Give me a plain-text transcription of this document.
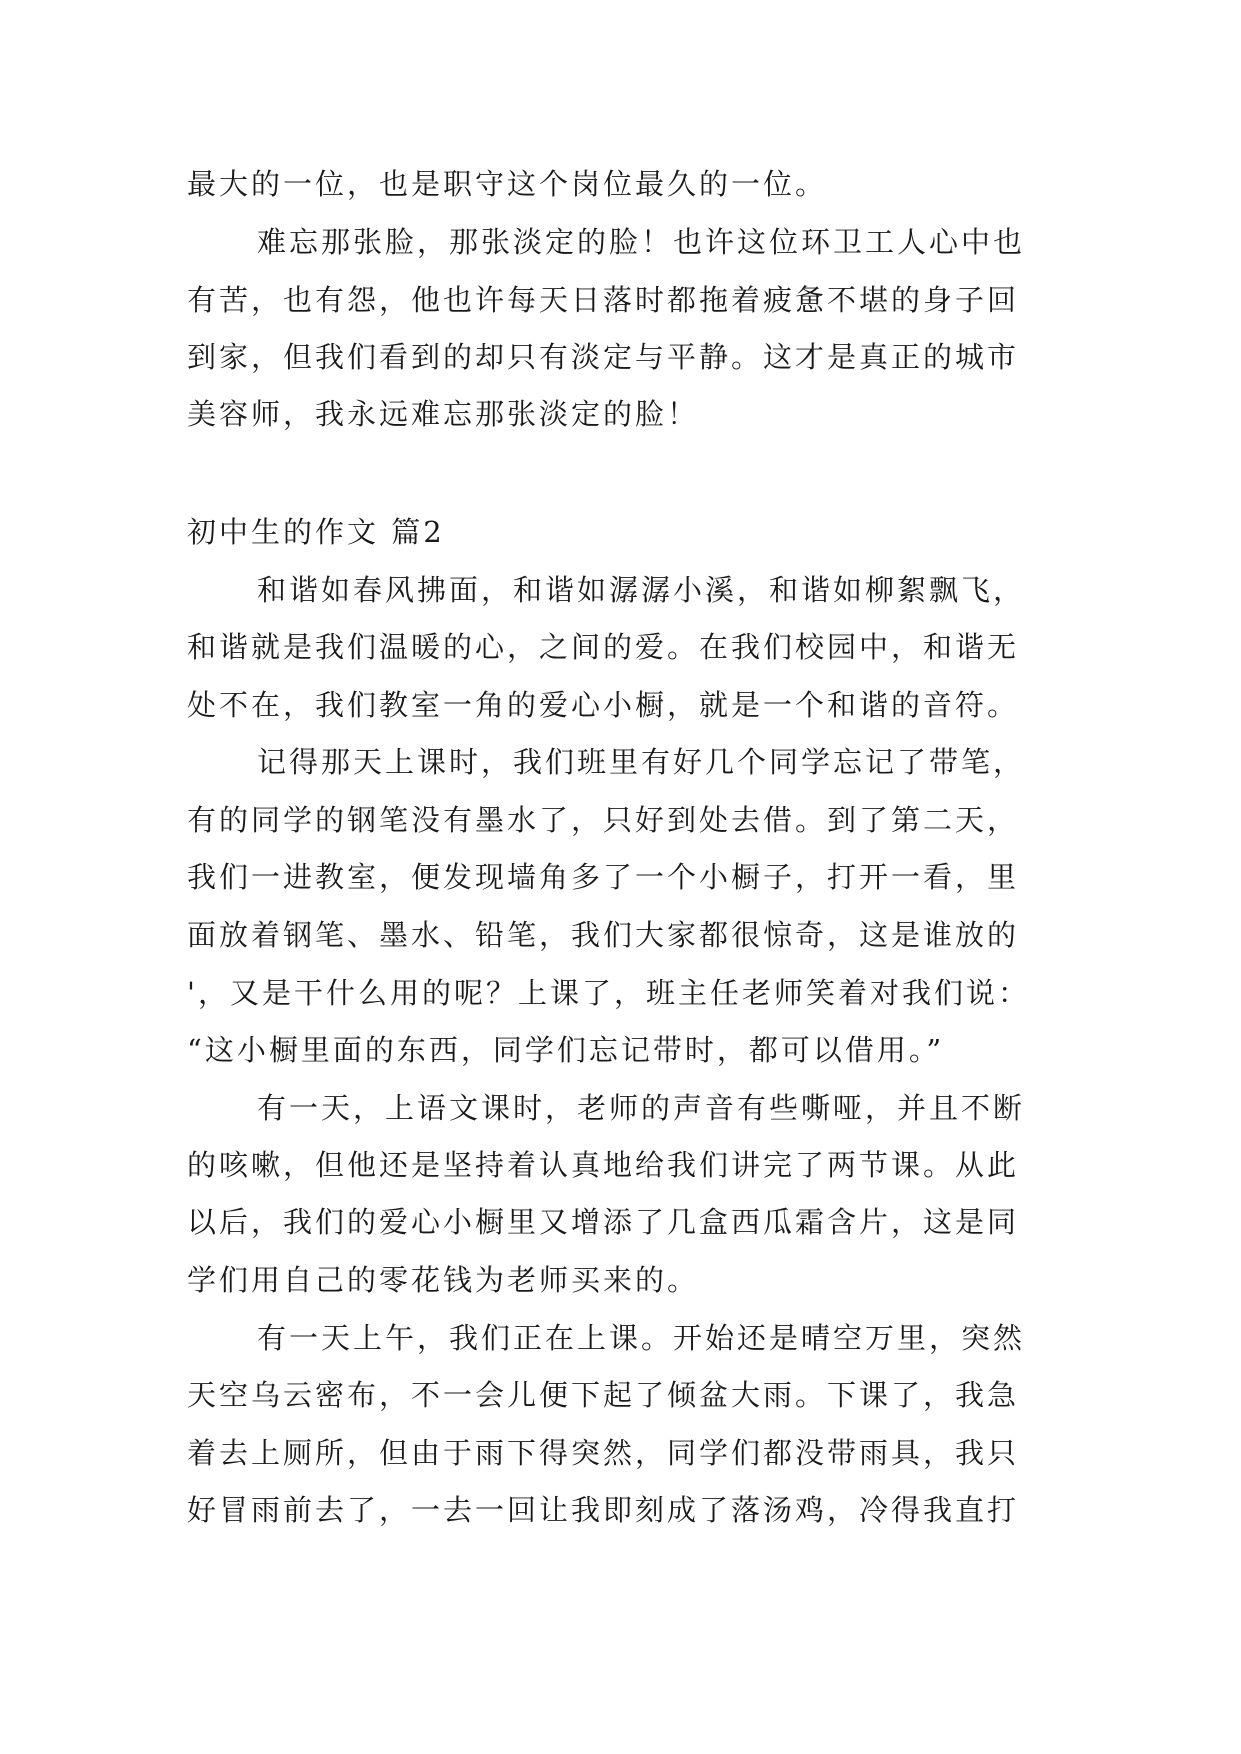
最大的一位，也是职守这个岗位最久的一位。

难忘那张脸，那张淡定的脸！也许这位环卫工人心中也

有苦，也有怨，他也许每天日落时都拖着疲惫不堪的身子回

到家，但我们看到的却只有淡定与平静。这才是真正的城市

美容师，我永远难忘那张淡定的脸！

初中生的作文 篇2

和谐如春风拂面，和谐如潺潺小溪，和谐如柳絮飘飞，

和谐就是我们温暖的心，之间的爱。在我们校园中，和谐无

处不在，我们教室一角的爱心小橱，就是一个和谐的音符。

记得那天上课时，我们班里有好几个同学忘记了带笔，

有的同学的钢笔没有墨水了，只好到处去借。到了第二天，

我们一进教室，便发现墙角多了一个小橱子，打开一看，里

面放着钢笔、墨水、铅笔，我们大家都很惊奇，这是谁放的

'，又是干什么用的呢？上课了，班主任老师笑着对我们说：

“这小橱里面的东西，同学们忘记带时，都可以借用。”

有一天，上语文课时，老师的声音有些嘶哑，并且不断

的咳嗽，但他还是坚持着认真地给我们讲完了两节课。从此

以后，我们的爱心小橱里又增添了几盒西瓜霜含片，这是同

学们用自己的零花钱为老师买来的。

有一天上午，我们正在上课。开始还是晴空万里，突然

天空乌云密布，不一会儿便下起了倾盆大雨。下课了，我急

着去上厕所，但由于雨下得突然，同学们都没带雨具，我只

好冒雨前去了，一去一回让我即刻成了落汤鸡，冷得我直打
